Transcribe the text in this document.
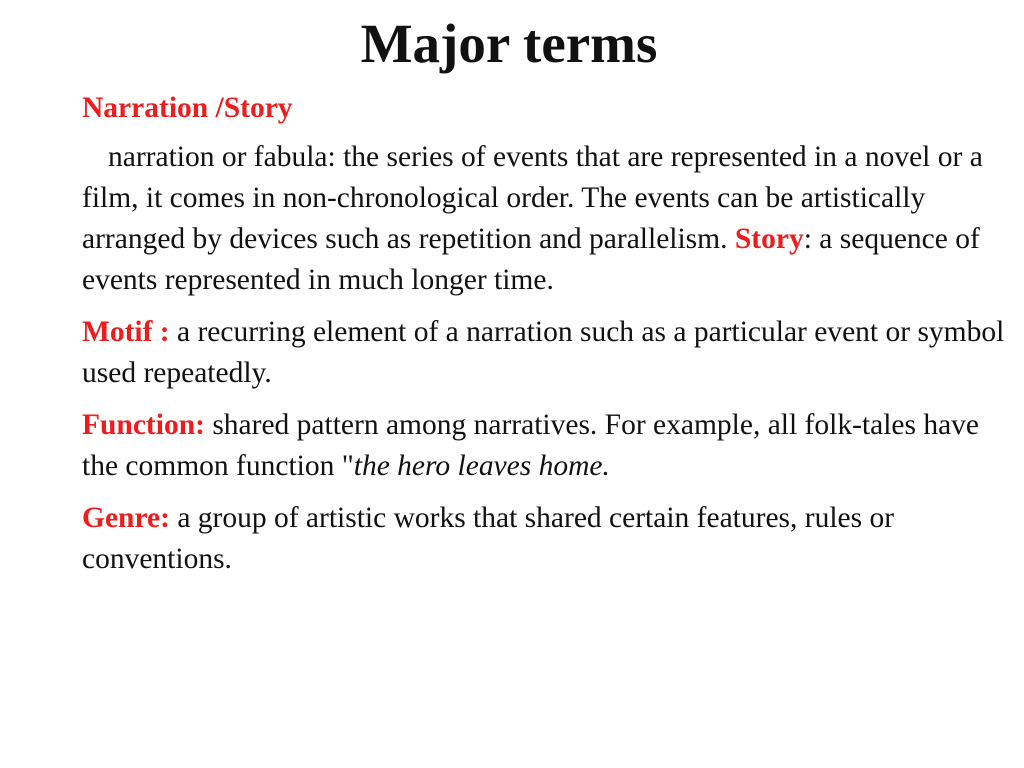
Major terms

Narration /Story

narration or fabula: the series of events that are represented in a novel or a film, it comes in non-chronological order. The events can be artistically arranged by devices such as repetition and parallelism. Story: a sequence of events represented in much longer time.

Motif : a recurring element of a narration such as a particular event or symbol used repeatedly.

Function: shared pattern among narratives. For example, all folk-tales have the common function "the hero leaves home.

Genre: a group of artistic works that shared certain features, rules or conventions.
